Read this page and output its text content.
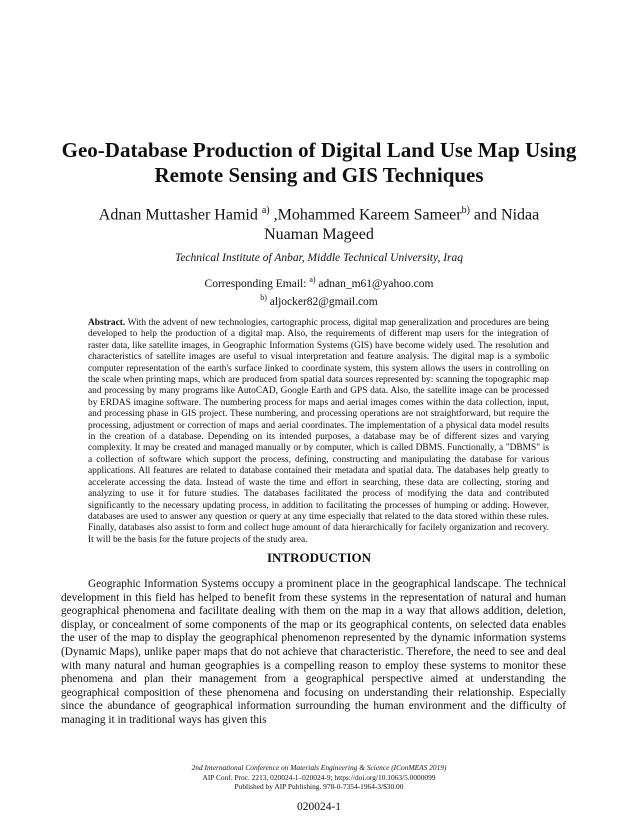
Geo-Database Production of Digital Land Use Map Using
Remote Sensing and GIS Techniques

Adnan Muttasher Hamid $^{a)}$ ,Mohammed Kareem Sameer$^{b)}$ and Nidaa
Nuaman Mageed

Technical Institute of Anbar, Middle Technical University, Iraq

Corresponding Email: $^{a)}$ adnan_m61@yahoo.com
$^{b)}$ aljocker82@gmail.com

Abstract. With the advent of new technologies, cartographic process, digital map generalization and procedures are being developed to help the production of a digital map. Also, the requirements of different map users for the integration of raster data, like satellite images, in Geographic Information Systems (GIS) have become widely used. The resolution and characteristics of satellite images are useful to visual interpretation and feature analysis. The digital map is a symbolic computer representation of the earth's surface linked to coordinate system, this system allows the users in controlling on the scale when printing maps, which are produced from spatial data sources represented by: scanning the topographic map and processing by many programs like AutoCAD, Google Earth and GPS data. Also, the satellite image can be processed by ERDAS imagine software. The numbering process for maps and aerial images comes within the data collection, input, and processing phase in GIS project. These numbering, and processing operations are not straightforward, but require the processing, adjustment or correction of maps and aerial coordinates. The implementation of a physical data model results in the creation of a database. Depending on its intended purposes, a database may be of different sizes and varying complexity. It may be created and managed manually or by computer, which is called DBMS. Functionally, a "DBMS" is a collection of software which support the process, defining, constructing and manipulating the database for various applications. All features are related to database contained their metadata and spatial data. The databases help greatly to accelerate accessing the data. Instead of waste the time and effort in searching, these data are collecting, storing and analyzing to use it for future studies. The databases facilitated the process of modifying the data and contributed significantly to the necessary updating process, in addition to facilitating the processes of humping or adding. However, databases are used to answer any question or query at any time especially that related to the data stored within these rules. Finally, databases also assist to form and collect huge amount of data hierarchically for facilely organization and recovery. It will be the basis for the future projects of the study area.

INTRODUCTION

Geographic Information Systems occupy a prominent place in the geographical landscape. The technical development in this field has helped to benefit from these systems in the representation of natural and human geographical phenomena and facilitate dealing with them on the map in a way that allows addition, deletion, display, or concealment of some components of the map or its geographical contents, on selected data enables the user of the map to display the geographical phenomenon represented by the dynamic information systems (Dynamic Maps), unlike paper maps that do not achieve that characteristic. Therefore, the need to see and deal with many natural and human geographies is a compelling reason to employ these systems to monitor these phenomena and plan their management from a geographical perspective aimed at understanding the geographical composition of these phenomena and focusing on understanding their relationship. Especially since the abundance of geographical information surrounding the human environment and the difficulty of managing it in traditional ways has given this

2nd International Conference on Materials Engineering & Science (IConMEAS 2019)
AIP Conf. Proc. 2213, 020024-1–020024-9; https://doi.org/10.1063/5.0000099
Published by AIP Publishing. 978-0-7354-1964-3/$30.00

020024-1
